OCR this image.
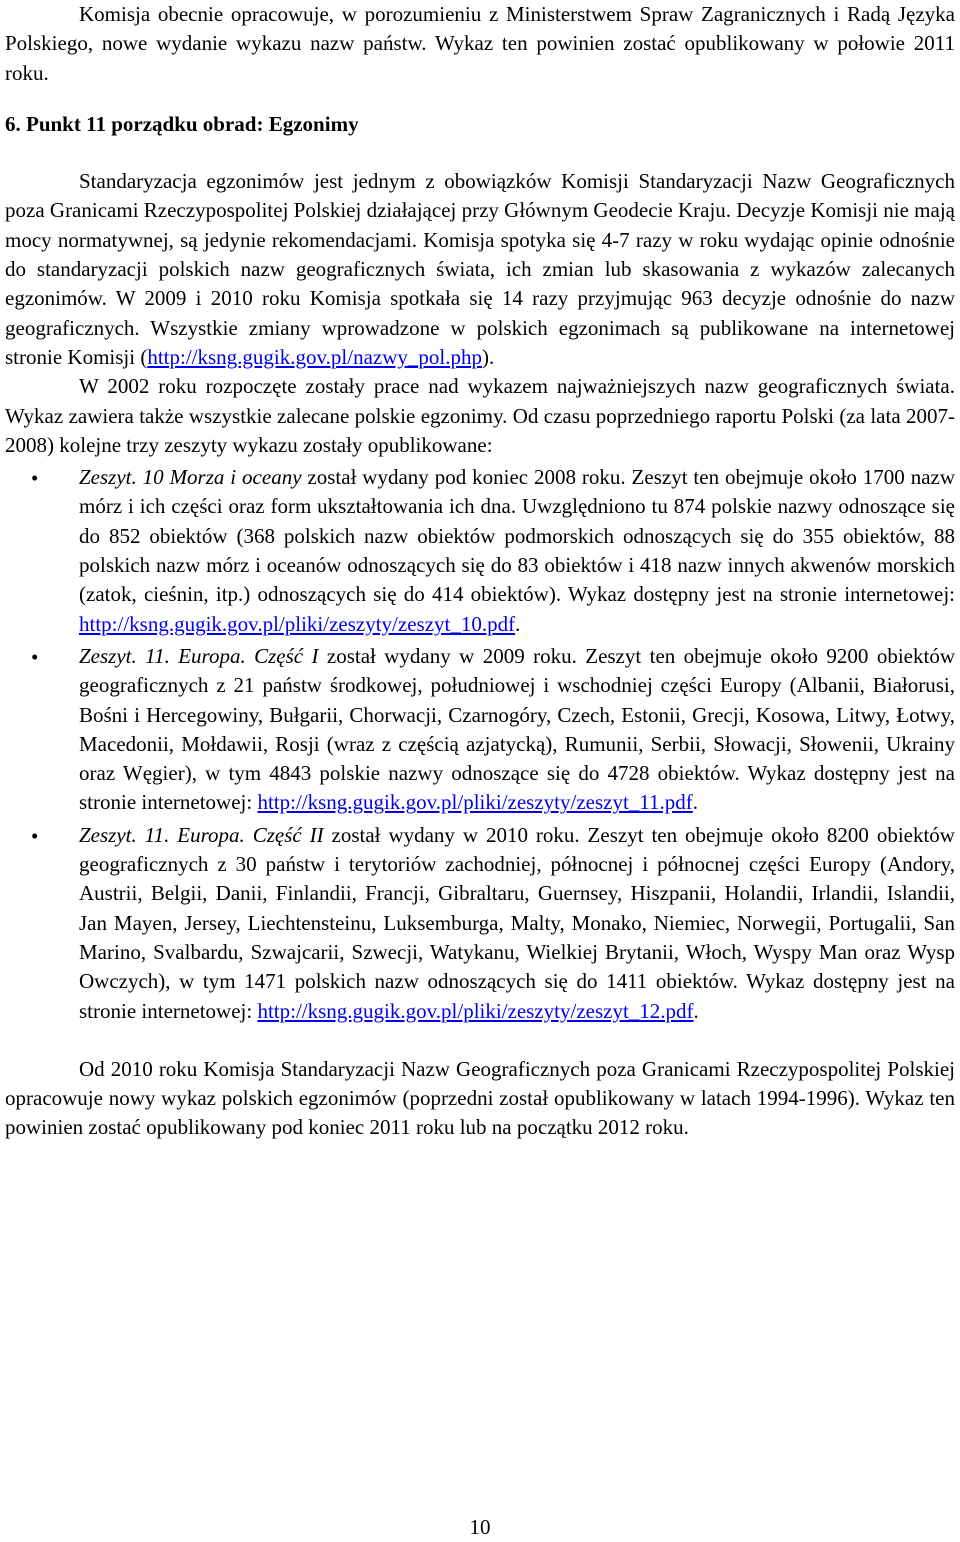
Komisja obecnie opracowuje, w porozumieniu z Ministerstwem Spraw Zagranicznych i Radą Języka Polskiego, nowe wydanie wykazu nazw państw. Wykaz ten powinien zostać opublikowany w połowie 2011 roku.

6. Punkt 11 porządku obrad: Egzonimy

Standaryzacja egzonimów jest jednym z obowiązków Komisji Standaryzacji Nazw Geograficznych poza Granicami Rzeczypospolitej Polskiej działającej przy Głównym Geodecie Kraju. Decyzje Komisji nie mają mocy normatywnej, są jedynie rekomendacjami. Komisja spotyka się 4-7 razy w roku wydając opinie odnośnie do standaryzacji polskich nazw geograficznych świata, ich zmian lub skasowania z wykazów zalecanych egzonimów. W 2009 i 2010 roku Komisja spotkała się 14 razy przyjmując 963 decyzje odnośnie do nazw geograficznych. Wszystkie zmiany wprowadzone w polskich egzonimach są publikowane na internetowej stronie Komisji (http://ksng.gugik.gov.pl/nazwy_pol.php).

W 2002 roku rozpoczęte zostały prace nad wykazem najważniejszych nazw geograficznych świata. Wykaz zawiera także wszystkie zalecane polskie egzonimy. Od czasu poprzedniego raportu Polski (za lata 2007-2008) kolejne trzy zeszyty wykazu zostały opublikowane:

• Zeszyt. 10 Morza i oceany został wydany pod koniec 2008 roku. Zeszyt ten obejmuje około 1700 nazw mórz i ich części oraz form ukształtowania ich dna. Uwzględniono tu 874 polskie nazwy odnoszące się do 852 obiektów (368 polskich nazw obiektów podmorskich odnoszących się do 355 obiektów, 88 polskich nazw mórz i oceanów odnoszących się do 83 obiektów i 418 nazw innych akwenów morskich (zatok, cieśnin, itp.) odnoszących się do 414 obiektów). Wykaz dostępny jest na stronie internetowej: http://ksng.gugik.gov.pl/pliki/zeszyty/zeszyt_10.pdf.
• Zeszyt. 11. Europa. Część I został wydany w 2009 roku. Zeszyt ten obejmuje około 9200 obiektów geograficznych z 21 państw środkowej, południowej i wschodniej części Europy (Albanii, Białorusi, Bośni i Hercegowiny, Bułgarii, Chorwacji, Czarnogóry, Czech, Estonii, Grecji, Kosowa, Litwy, Łotwy, Macedonii, Mołdawii, Rosji (wraz z częścią azjatycką), Rumunii, Serbii, Słowacji, Słowenii, Ukrainy oraz Węgier), w tym 4843 polskie nazwy odnoszące się do 4728 obiektów. Wykaz dostępny jest na stronie internetowej: http://ksng.gugik.gov.pl/pliki/zeszyty/zeszyt_11.pdf.
• Zeszyt. 11. Europa. Część II został wydany w 2010 roku. Zeszyt ten obejmuje około 8200 obiektów geograficznych z 30 państw i terytoriów zachodniej, północnej i północnej części Europy (Andory, Austrii, Belgii, Danii, Finlandii, Francji, Gibraltaru, Guernsey, Hiszpanii, Holandii, Irlandii, Islandii, Jan Mayen, Jersey, Liechtensteinu, Luksemburga, Malty, Monako, Niemiec, Norwegii, Portugalii, San Marino, Svalbardu, Szwajcarii, Szwecji, Watykanu, Wielkiej Brytanii, Włoch, Wyspy Man oraz Wysp Owczych), w tym 1471 polskich nazw odnoszących się do 1411 obiektów. Wykaz dostępny jest na stronie internetowej: http://ksng.gugik.gov.pl/pliki/zeszyty/zeszyt_12.pdf.

Od 2010 roku Komisja Standaryzacji Nazw Geograficznych poza Granicami Rzeczypospolitej Polskiej opracowuje nowy wykaz polskich egzonimów (poprzedni został opublikowany w latach 1994-1996). Wykaz ten powinien zostać opublikowany pod koniec 2011 roku lub na początku 2012 roku.

10
